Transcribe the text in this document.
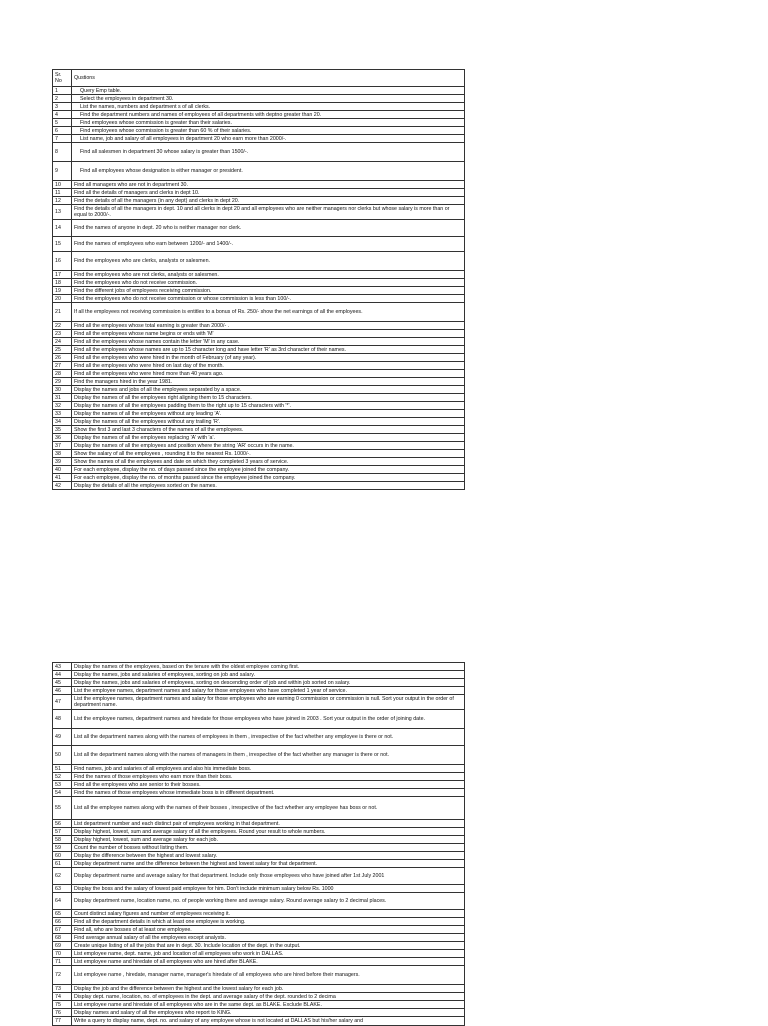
Sr.
No	Qustions
1	Query Emp table.
2	Select the employees in department 30.
3	List the names, numbers and department s of all clerks.
4	Find the department numbers and names of employees of all departments with deptno greater than 20.
5	Find employees whose commission is greater than their salaries.
6	Find employees whose commission is greater than 60 % of their salaries.
7	List name, job and salary of all employees in department 20 who earn more than 2000/-.
8	Find all salesmen in department 30 whose salary is greater than 1500/-.
9	Find all employees whose designation is either manager or president.
10	Find all managers who are not in department 30.
11	Find all the details of managers and clerks in dept 10.
12	Find the details of all the managers (in any dept) and clerks in dept 20.
13	Find the details of all the managers in dept. 10 and all clerks in dept 20 and all employees who are neither managers nor clerks but whose salary is more than or equal to 2000/-.
14	Find the names of anyone in dept. 20 who is neither manager nor clerk.
15	Find the names of employees who earn between 1200/- and 1400/-.
16	Find the employees who are clerks, analysts or salesmen.
17	Find the employees who are not clerks, analysts or salesmen.
18	Find the employees who do not receive commission.
19	Find the different jobs of employees receiving commission.
20	Find the employees who do not receive commission or whose commission is less than 100/-.
21	If all the employees not receiving commission is entitles to a bonus of Rs. 250/- show the net earnings of all the employees.
22	Find all the employees whose total earning is greater than 2000/- .
23	Find all the employees whose name begins or ends with 'M'
24	Find all the employees whose names contain the letter 'M' in any case.
25	Find all the employees whose names are up to 15 character long and have letter 'R' as 3rd character of their names.
26	Find all the employees who were hired in the month of February (of any year).
27	Find all the employees who were hired on last day of the month.
28	Find all the employees who were hired more than 40 years ago.
29	Find the managers hired in the year 1981.
30	Display the names and jobs of all the employees separated by a space.
31	Display the names of all the employees right aligning them to 15 characters.
32	Display the names of all the employees padding them to the right up to 15 characters with '*'.
33	Display the names of all the employees without any leading 'A'.
34	Display the names of all the employees without any trailing 'R'.
35	Show the first 3 and last 3 characters of the names of all the employees.
36	Display the names of all the employees replacing 'A' with 'a'.
37	Display the names of all the employees and position where the string 'AR' occurs in the name.
38	Show the salary of all the employees , rounding it to the nearest Rs. 1000/-.
39	Show the names of all the employees and date on which they completed 3 years of service.
40	For each employee, display the no. of days passed since the employee joined the company.
41	For each employee, display the no. of months passed since the employee joined the company.
42	Display the details of all the employees sorted on the names.
43	Display the names of the employees, based on the tenure with the oldest employee coming first.
44	Display the names, jobs and salaries of employees, sorting on job and salary.
45	Display the names, jobs and salaries of employees, sorting on descending order of job and within job sorted on salary.
46	List the employee names, department names and salary for those employees who have completed 1 year of service.
47	List the employee names, department names and salary for those employees who are earning 0 commission or commission is null. Sort your output in the order of department name.
48	List the employee names, department names and hiredate for those employees who have joined in 2003 . Sort your output in the order of joining date.
49	List all the department names along with the names of employees in them , irrespective of the fact whether any employee is there or not.
50	List all the department names along with the names of managers in them , irrespective of the fact whether any manager is there or not.
51	Find names, job and salaries of all employees and also his immediate boss.
52	Find the names of those employees who earn more than their boss.
53	Find all the employees who are senior to their bosses.
54	Find the names of those employees whose immediate boss is in different department.
55	List all the employee names along with the names of their bosses , irrespective of the fact whether any employee has boss or not.
56	List department number and each distinct pair of employees working in that department.
57	Display highest, lowest, sum and average salary of all the employees. Round your result to whole numbers.
58	Display highest, lowest, sum and average salary for each job.
59	Count the number of bosses without listing them.
60	Display the difference between the highest and lowest salary.
61	Display department name and the difference between the highest and lowest salary for that department.
62	Display department name and average salary for that department. Include only those employees who have joined after 1st July 2001
63	Display the boss and the salary of lowest paid employee for him. Don't include minimum salary below Rs. 1000
64	Display department name, location name, no. of people working there and average salary. Round average salary to 2 decimal places.
65	Count distinct salary figures and number of employees receiving it.
66	Find all the department details in which at least one employee is working.
67	Find all, who are bosses of at least one employee.
68	Find average annual salary of all the employees except analysts.
69	Create unique listing of all the jobs that are in dept. 30. Include location of the dept. in the output.
70	List employee name, dept. name, job and location of all employees who work in DALLAS.
71	List employee name and hiredate of all employees who are hired after BLAKE.
72	List employee name , hiredate, manager name, manager's hiredate of all employees who are hired before their managers.
73	Display the job and the difference between the highest and the lowest salary for each job.
74	Display dept. name, location, no. of employees in the dept. and average salary of the dept. rounded to 2 decima
75	List employee name and hiredate of all employees who are in the same dept. as BLAKE. Exclude BLAKE.
76	Display names and salary of all the employees who report to KING.
77	Write a query to display name, dept. no. and salary of any employee whose is not located at DALLAS but his/her salary and
